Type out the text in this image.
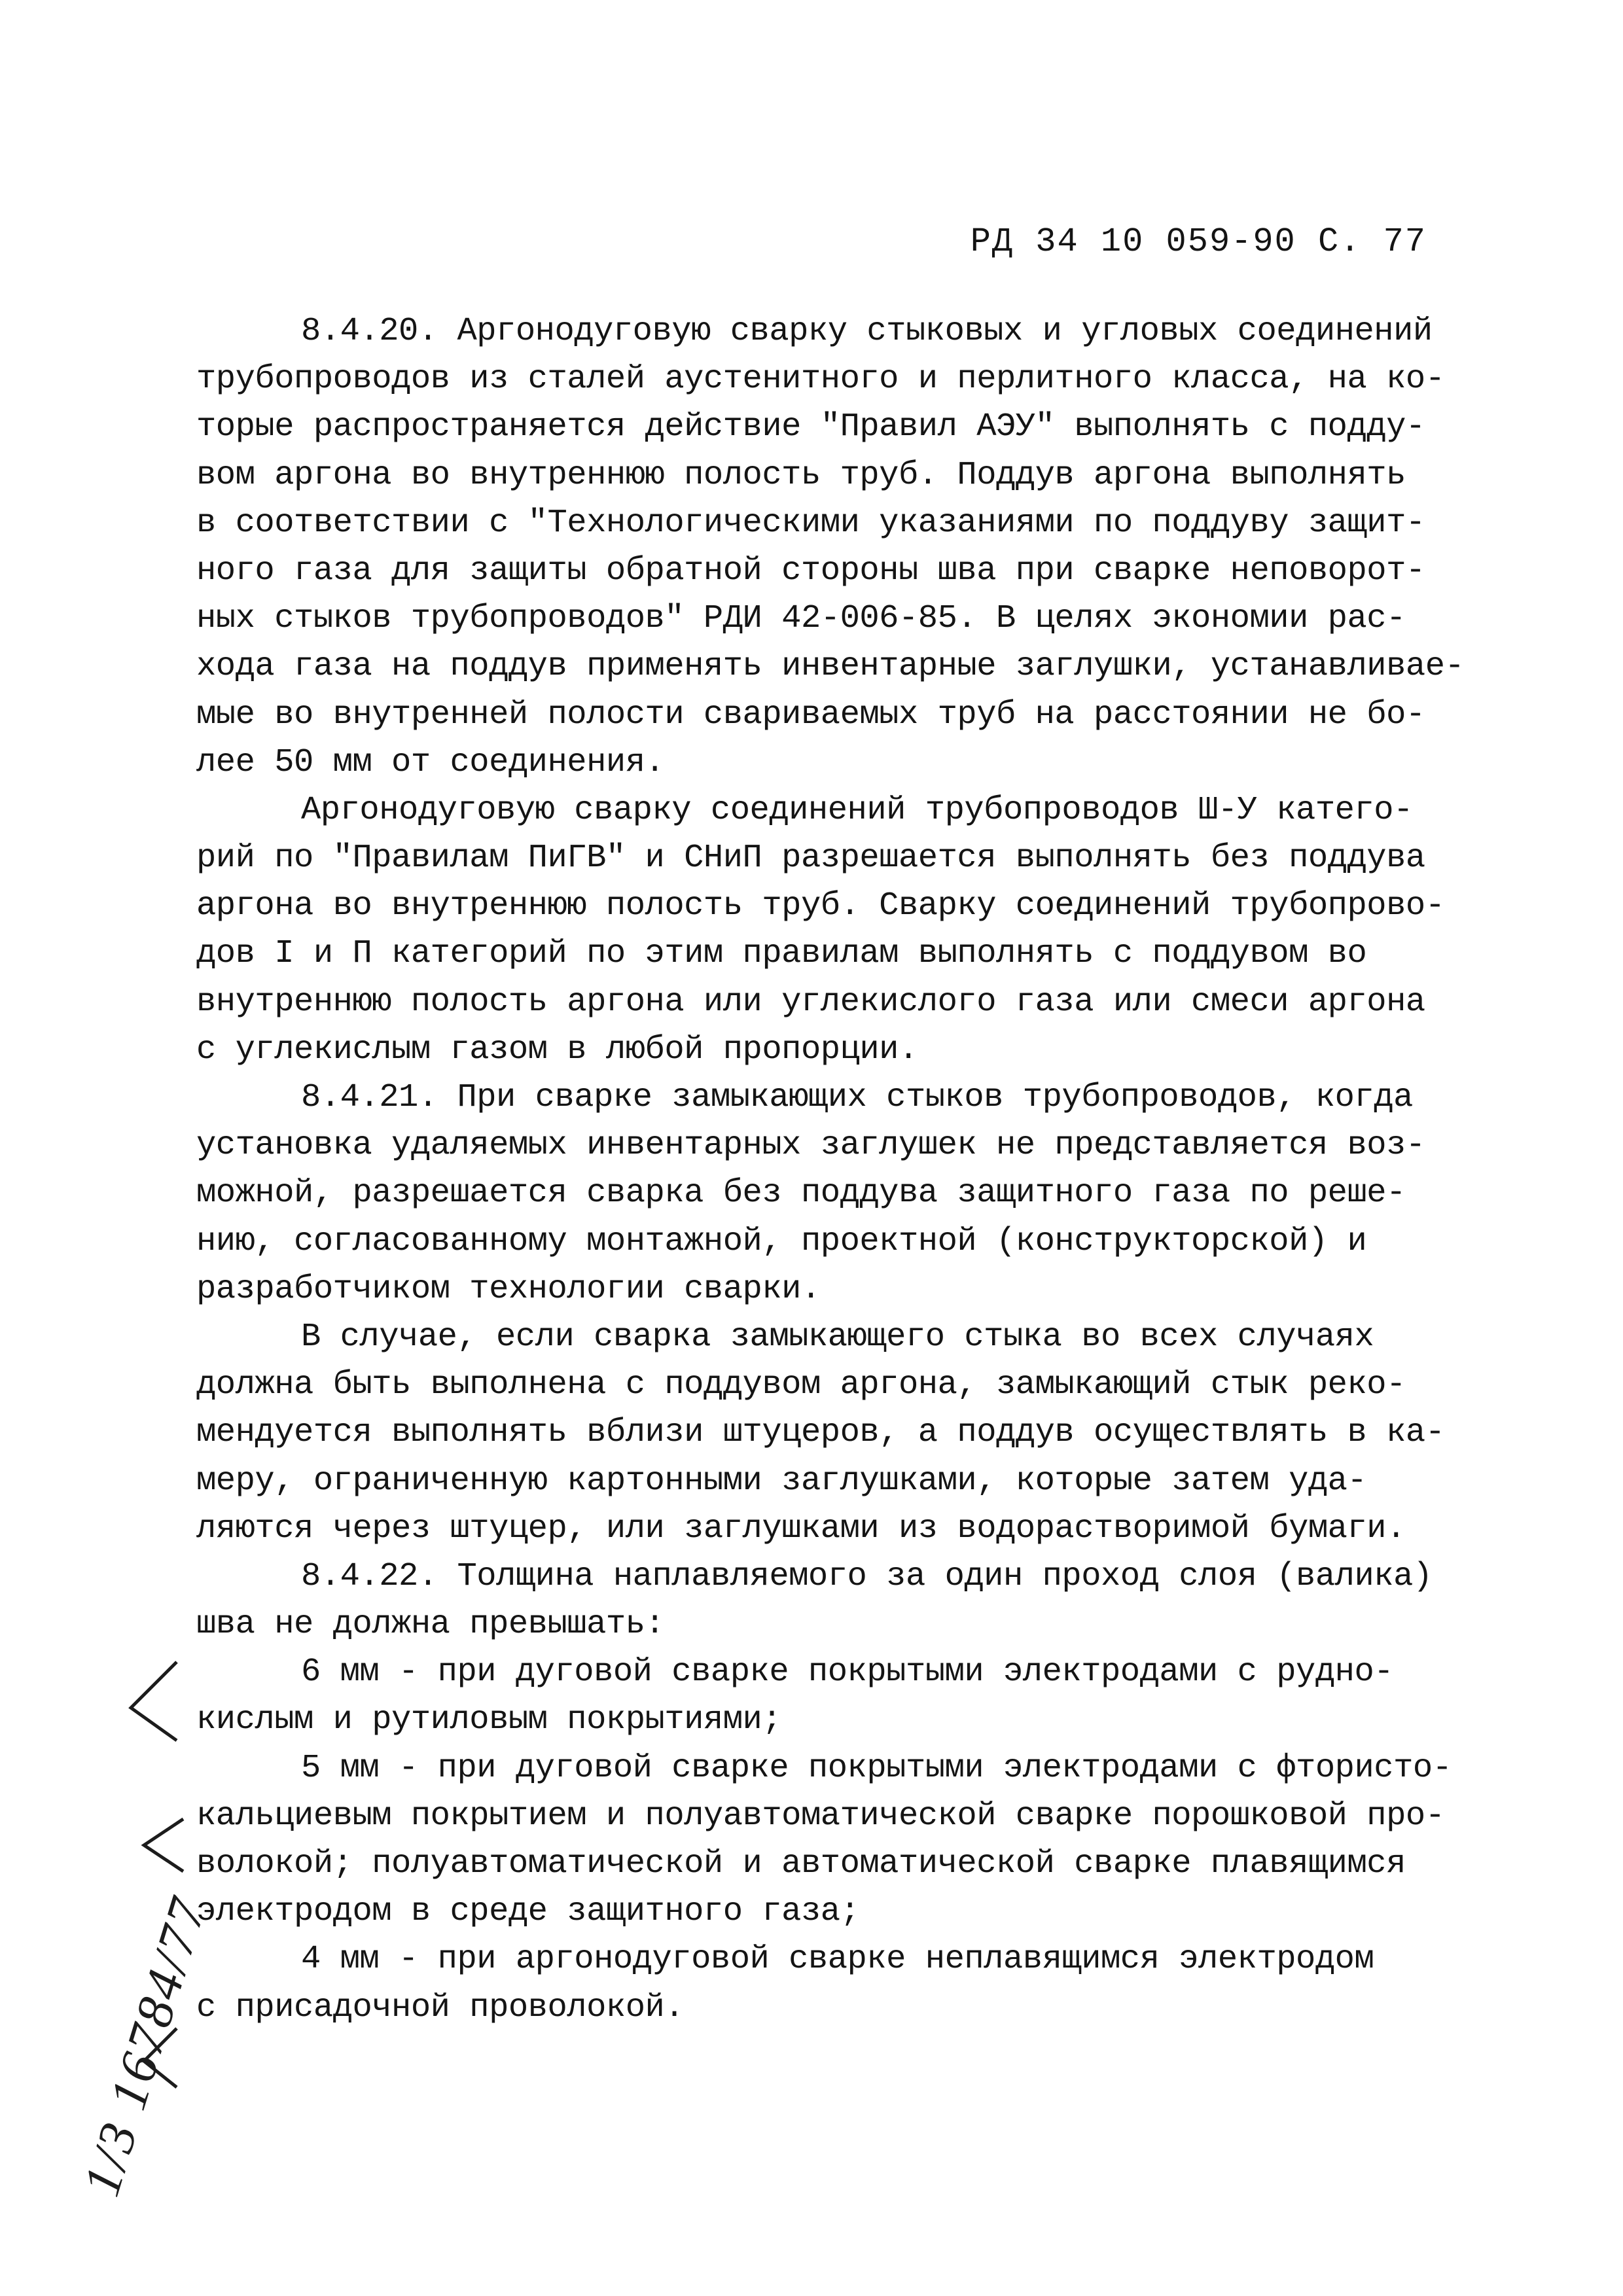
РД 34 10 059-90 С. 77
8.4.20. Аргонодуговую сварку стыковых и угловых соединений
трубопроводов из сталей аустенитного и перлитного класса, на ко-
торые распространяется действие "Правил АЭУ" выполнять с подду-
вом аргона во внутреннюю полость труб. Поддув аргона выполнять
в соответствии с "Технологическими указаниями по поддуву защит-
ного газа для защиты обратной стороны шва при сварке неповорот-
ных стыков трубопроводов" РДИ 42-006-85. В целях экономии рас-
хода газа на поддув применять инвентарные заглушки, устанавливае-
мые во внутренней полости свариваемых труб на расстоянии не бо-
лее 50 мм от соединения.
Аргонодуговую сварку соединений трубопроводов Ш-У катего-
рий по "Правилам ПиГВ" и СНиП разрешается выполнять без поддува
аргона во внутреннюю полость труб. Сварку соединений трубопрово-
дов I и П категорий по этим правилам выполнять с поддувом во
внутреннюю полость аргона или углекислого газа или смеси аргона
с углекислым газом в любой пропорции.
8.4.21. При сварке замыкающих стыков трубопроводов, когда
установка удаляемых инвентарных заглушек не представляется воз-
можной, разрешается сварка без поддува защитного газа по реше-
нию, согласованному монтажной, проектной (конструкторской) и
разработчиком технологии сварки.
В случае, если сварка замыкающего стыка во всех случаях
должна быть выполнена с поддувом аргона, замыкающий стык реко-
мендуется выполнять вблизи штуцеров, а поддув осуществлять в ка-
меру, ограниченную картонными заглушками, которые затем уда-
ляются через штуцер, или заглушками из водорастворимой бумаги.
8.4.22. Толщина наплавляемого за один проход слоя (валика)
шва не должна превышать:
6 мм - при дуговой сварке покрытыми электродами с рудно-
кислым и рутиловым покрытиями;
5 мм - при дуговой сварке покрытыми электродами с фтористо-
кальциевым покрытием и полуавтоматической сварке порошковой про-
волокой; полуавтоматической и автоматической сварке плавящимся
электродом в среде защитного газа;
4 мм - при аргонодуговой сварке неплавящимся электродом
с присадочной проволокой.
1/3 16784/77
